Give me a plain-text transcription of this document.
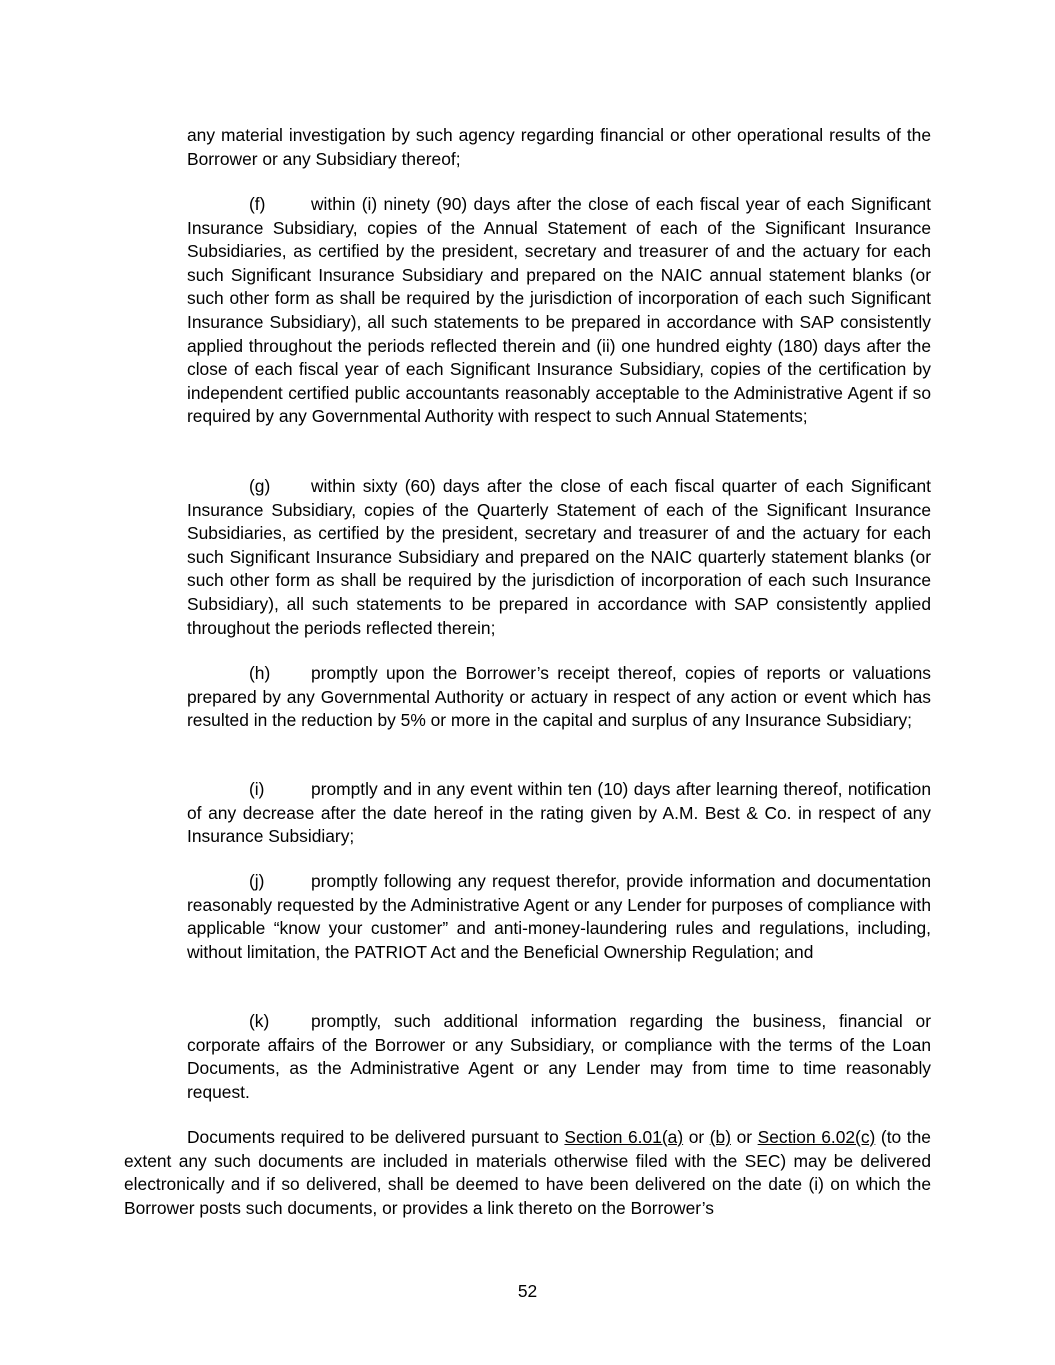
any material investigation by such agency regarding financial or other operational results of the Borrower or any Subsidiary thereof;

(f)	within (i) ninety (90) days after the close of each fiscal year of each Significant Insurance Subsidiary, copies of the Annual Statement of each of the Significant Insurance Subsidiaries, as certified by the president, secretary and treasurer of and the actuary for each such Significant Insurance Subsidiary and prepared on the NAIC annual statement blanks (or such other form as shall be required by the jurisdiction of incorporation of each such Significant Insurance Subsidiary), all such statements to be prepared in accordance with SAP consistently applied throughout the periods reflected therein and (ii) one hundred eighty (180) days after the close of each fiscal year of each Significant Insurance Subsidiary, copies of the certification by independent certified public accountants reasonably acceptable to the Administrative Agent if so required by any Governmental Authority with respect to such Annual Statements;

(g) within sixty (60) days after the close of each fiscal quarter of each Significant Insurance Subsidiary, copies of the Quarterly Statement of each of the Significant Insurance Subsidiaries, as certified by the president, secretary and treasurer of and the actuary for each such Significant Insurance Subsidiary and prepared on the NAIC quarterly statement blanks (or such other form as shall be required by the jurisdiction of incorporation of each such Insurance Subsidiary), all such statements to be prepared in accordance with SAP consistently applied throughout the periods reflected therein;

(h) promptly upon the Borrower’s receipt thereof, copies of reports or valuations prepared by any Governmental Authority or actuary in respect of any action or event which has resulted in the reduction by 5% or more in the capital and surplus of any Insurance Subsidiary;

(i)	promptly and in any event within ten (10) days after learning thereof, notification of any decrease after the date hereof in the rating given by A.M. Best & Co. in respect of any Insurance Subsidiary;

(j)	promptly following any request therefor, provide information and documentation reasonably requested by the Administrative Agent or any Lender for purposes of compliance with applicable “know your customer” and anti-money-laundering rules and regulations, including, without limitation, the PATRIOT Act and the Beneficial Ownership Regulation; and

(k) promptly, such additional information regarding the business, financial or corporate affairs of the Borrower or any Subsidiary, or compliance with the terms of the Loan Documents, as the Administrative Agent or any Lender may from time to time reasonably request.

Documents required to be delivered pursuant to Section 6.01(a) or (b) or Section 6.02(c) (to the extent any such documents are included in materials otherwise filed with the SEC) may be delivered electronically and if so delivered, shall be deemed to have been delivered on the date (i) on which the Borrower posts such documents, or provides a link thereto on the Borrower’s

52
